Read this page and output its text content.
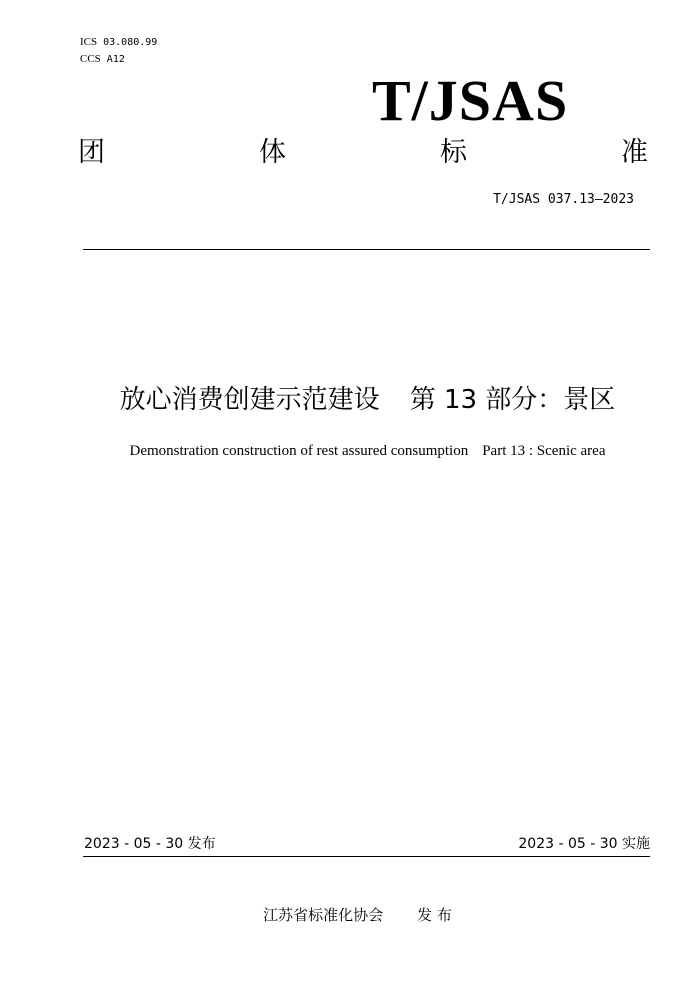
ICS 03.080.99
CCS A12
T/JSAS
团	体	标	准
T/JSAS 037.13—2023
放心消费创建示范建设 第 13 部分：景区
Demonstration construction of rest assured consumption Part 13 : Scenic area
2023 - 05 - 30 发布	2023 - 05 - 30 实施
江苏省标准化协会 发 布
